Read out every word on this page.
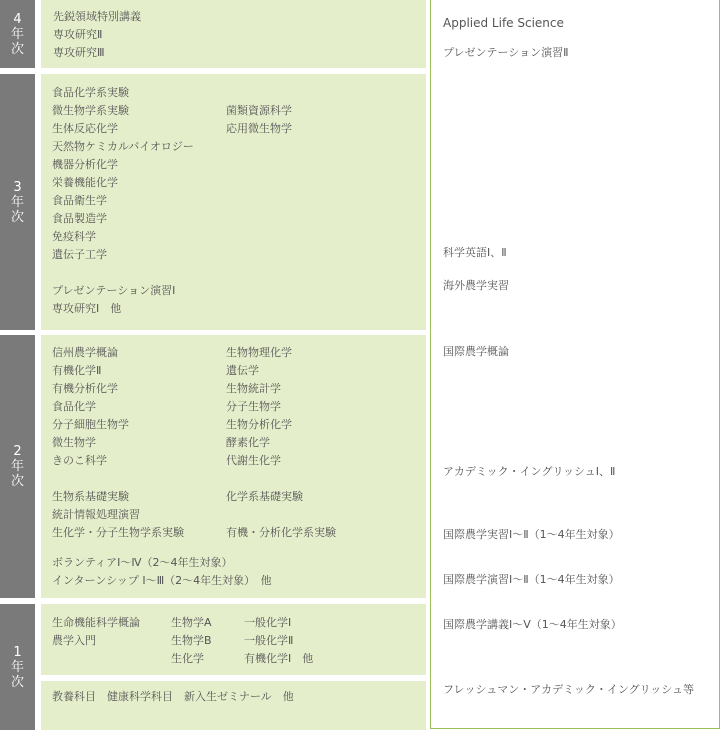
4
年
次
3
年
次
2
年
次
1
年
次
先鋭領域特別講義
専攻研究Ⅱ
専攻研究Ⅲ
食品化学系実験
微生物学系実験
生体反応化学
天然物ケミカルバイオロジー
機器分析化学
栄養機能化学
食品衛生学
食品製造学
免疫科学
遺伝子工学
菌類資源科学
応用微生物学
プレゼンテーション演習Ⅰ
専攻研究Ⅰ　他
信州農学概論
有機化学Ⅱ
有機分析化学
食品化学
分子細胞生物学
微生物学
きのこ科学
生物物理化学
遺伝学
生物統計学
分子生物学
生物分析化学
酵素化学
代謝生化学
生物系基礎実験
統計情報処理演習
生化学・分子生物学系実験
化学系基礎実験
有機・分析化学系実験
ボランティアⅠ〜Ⅳ（2〜4年生対象）
インターンシップ Ⅰ〜Ⅲ（2〜4年生対象）　他
生命機能科学概論
農学入門
生物学A
生物学B
生化学
一般化学Ⅰ
一般化学Ⅱ
有機化学Ⅰ　他
教養科目　健康科学科目　新入生ゼミナール　他
Applied Life Science
プレゼンテーション演習Ⅱ
科学英語Ⅰ、Ⅱ
海外農学実習
国際農学概論
アカデミック・イングリッシュⅠ、Ⅱ
国際農学実習Ⅰ〜Ⅱ（1〜4年生対象）
国際農学演習Ⅰ〜Ⅱ（1〜4年生対象）
国際農学講義Ⅰ〜Ⅴ（1〜4年生対象）
フレッシュマン・アカデミック・イングリッシュ等
